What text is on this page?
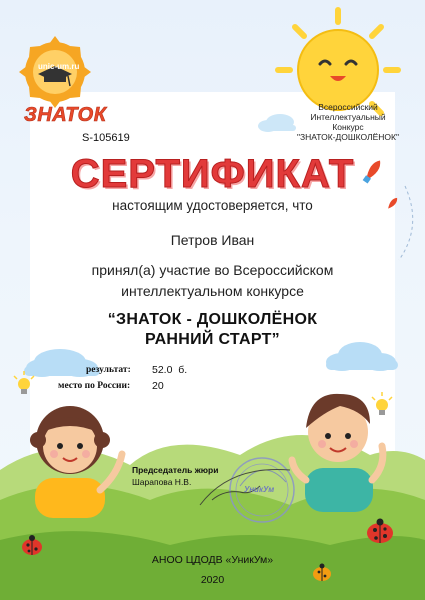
unic-um.ru
ЗНАТОК
S-105619
Всероссийский
Интеллектуальный
Конкурс
"ЗНАТОК-ДОШКОЛЁНОК"
СЕРТИФИКАТ
настоящим удостоверяется, что
Петров Иван
принял(а) участие во Всероссийском
интеллектуальном конкурсе
“ЗНАТОК - ДОШКОЛЁНОК
РАННИЙ СТАРТ”
результат: 52.0  б.
место по России: 20
Председатель жюри
Шарапова Н.В.
УникУм
АНОО ЦДОДВ «УникУм»
2020
